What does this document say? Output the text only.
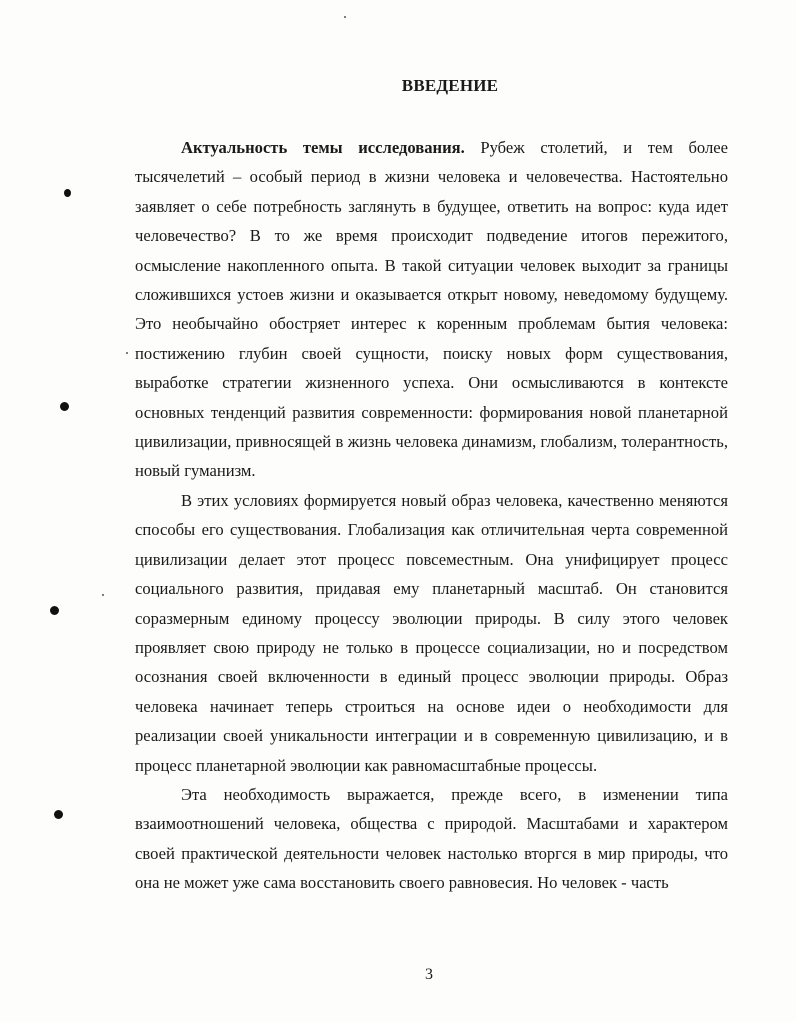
ВВЕДЕНИЕ

Актуальность темы исследования. Рубеж столетий, и тем более тысячелетий – особый период в жизни человека и человечества. Настоятельно заявляет о себе потребность заглянуть в будущее, ответить на вопрос: куда идет человечество? В то же время происходит подведение итогов пережитого, осмысление накопленного опыта. В такой ситуации человек выходит за границы сложившихся устоев жизни и оказывается открыт новому, неведомому будущему. Это необычайно обостряет интерес к коренным проблемам бытия человека: постижению глубин своей сущности, поиску новых форм существования, выработке стратегии жизненного успеха. Они осмысливаются в контексте основных тенденций развития современности: формирования новой планетарной цивилизации, привносящей в жизнь человека динамизм, глобализм, толерантность, новый гуманизм.

В этих условиях формируется новый образ человека, качественно меняются способы его существования. Глобализация как отличительная черта современной цивилизации делает этот процесс повсеместным. Она унифицирует процесс социального развития, придавая ему планетарный масштаб. Он становится соразмерным единому процессу эволюции природы. В силу этого человек проявляет свою природу не только в процессе социализации, но и посредством осознания своей включенности в единый процесс эволюции природы. Образ человека начинает теперь строиться на основе идеи о необходимости для реализации своей уникальности интеграции и в современную цивилизацию, и в процесс планетарной эволюции как равномасштабные процессы.

Эта необходимость выражается, прежде всего, в изменении типа взаимоотношений человека, общества с природой. Масштабами и характером своей практической деятельности человек настолько вторгся в мир природы, что она не может уже сама восстановить своего равновесия. Но человек - часть

3
